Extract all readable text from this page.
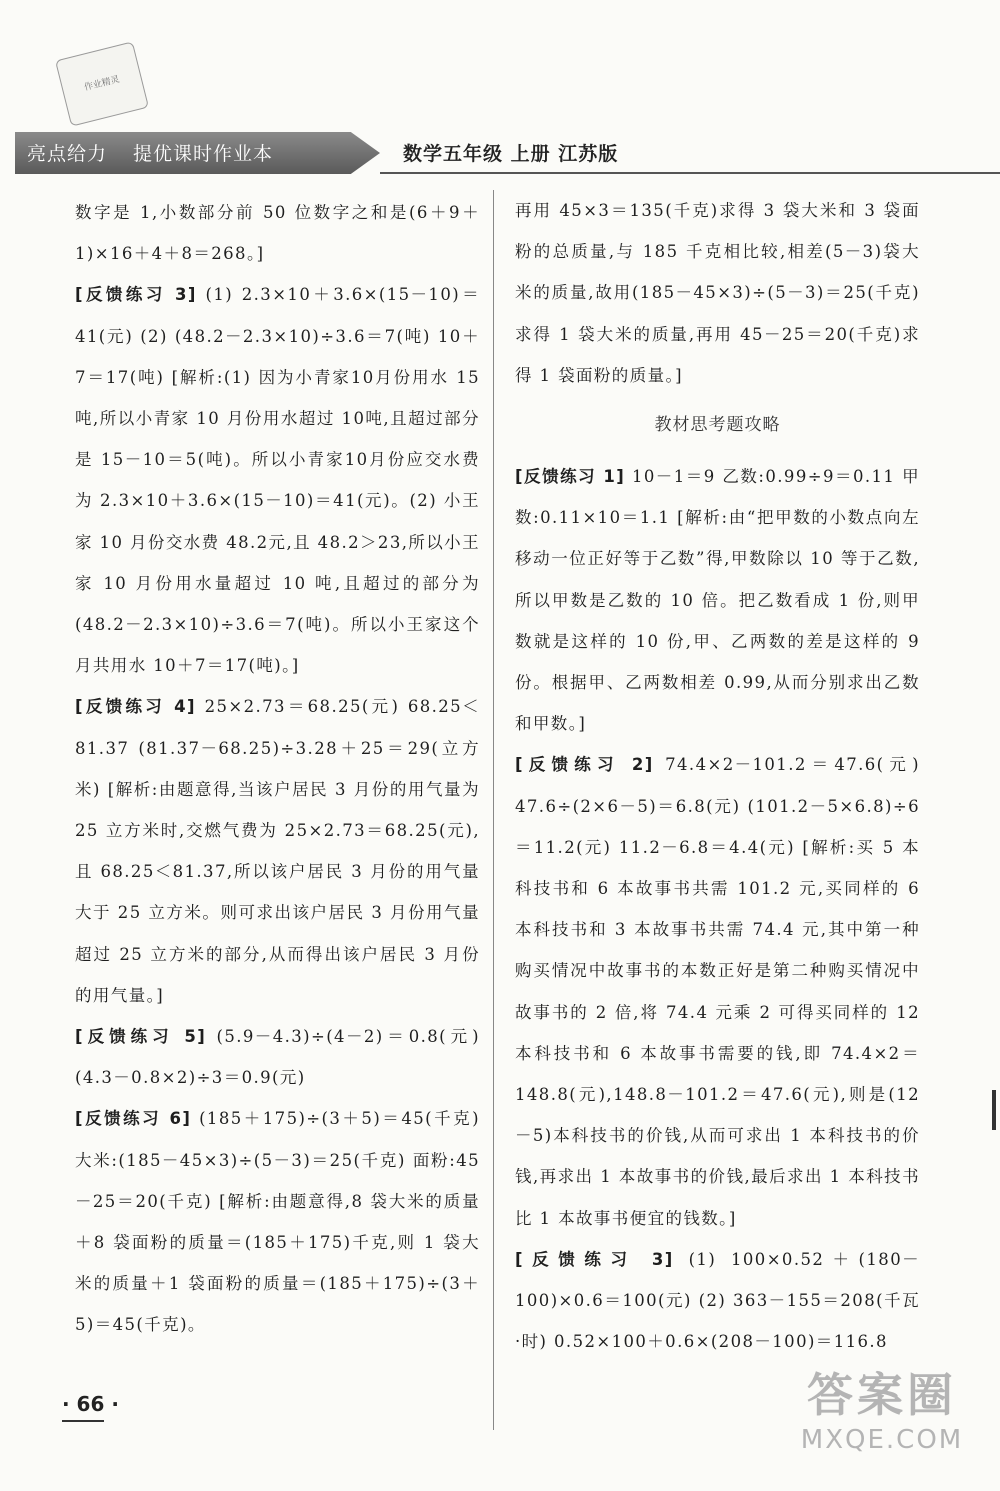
作业精灵
亮点给力 提优课时作业本	数学五年级 上册 江苏版

数字是 1,小数部分前 50 位数字之和是(6＋9＋1)×16＋4＋8＝268。]

[反馈练习 3] (1) 2.3×10＋3.6×(15－10)＝41(元) (2) (48.2－2.3×10)÷3.6＝7(吨) 10＋7＝17(吨) [解析:(1) 因为小青家10月份用水 15 吨,所以小青家 10 月份用水超过 10吨,且超过部分是 15－10＝5(吨)。所以小青家10月份应交水费为 2.3×10＋3.6×(15－10)＝41(元)。(2) 小王家 10 月份交水费 48.2元,且 48.2＞23,所以小王家 10 月份用水量超过 10 吨,且超过的部分为(48.2－2.3×10)÷3.6＝7(吨)。所以小王家这个月共用水 10＋7＝17(吨)。]

[反馈练习 4] 25×2.73＝68.25(元) 68.25＜81.37 (81.37－68.25)÷3.28＋25＝29(立方米) [解析:由题意得,当该户居民 3 月份的用气量为 25 立方米时,交燃气费为 25×2.73＝68.25(元),且 68.25＜81.37,所以该户居民 3 月份的用气量大于 25 立方米。则可求出该户居民 3 月份用气量超过 25 立方米的部分,从而得出该户居民 3 月份的用气量。]

[反馈练习 5] (5.9－4.3)÷(4－2)＝0.8(元) (4.3－0.8×2)÷3＝0.9(元)

[反馈练习 6] (185＋175)÷(3＋5)＝45(千克) 大米:(185－45×3)÷(5－3)＝25(千克) 面粉:45－25＝20(千克) [解析:由题意得,8 袋大米的质量＋8 袋面粉的质量＝(185＋175)千克,则 1 袋大米的质量＋1 袋面粉的质量＝(185＋175)÷(3＋5)＝45(千克)。

再用 45×3＝135(千克)求得 3 袋大米和 3 袋面粉的总质量,与 185 千克相比较,相差(5－3)袋大米的质量,故用(185－45×3)÷(5－3)＝25(千克)求得 1 袋大米的质量,再用 45－25＝20(千克)求得 1 袋面粉的质量。]

教材思考题攻略

[反馈练习 1] 10－1＝9 乙数:0.99÷9＝0.11 甲数:0.11×10＝1.1 [解析:由“把甲数的小数点向左移动一位正好等于乙数”得,甲数除以 10 等于乙数,所以甲数是乙数的 10 倍。把乙数看成 1 份,则甲数就是这样的 10 份,甲、乙两数的差是这样的 9 份。根据甲、乙两数相差 0.99,从而分别求出乙数和甲数。]

[反馈练习 2] 74.4×2－101.2＝47.6(元) 47.6÷(2×6－5)＝6.8(元) (101.2－5×6.8)÷6＝11.2(元) 11.2－6.8＝4.4(元) [解析:买 5 本科技书和 6 本故事书共需 101.2 元,买同样的 6 本科技书和 3 本故事书共需 74.4 元,其中第一种购买情况中故事书的本数正好是第二种购买情况中故事书的 2 倍,将 74.4 元乘 2 可得买同样的 12 本科技书和 6 本故事书需要的钱,即 74.4×2＝148.8(元),148.8－101.2＝47.6(元),则是(12－5)本科技书的价钱,从而可求出 1 本科技书的价钱,再求出 1 本故事书的价钱,最后求出 1 本科技书比 1 本故事书便宜的钱数。]

[反馈练习 3] (1) 100×0.52＋(180－100)×0.6＝100(元) (2) 363－155＝208(千瓦·时) 0.52×100＋0.6×(208－100)＝116.8

· 66 ·	答案圈
MXQE.COM
